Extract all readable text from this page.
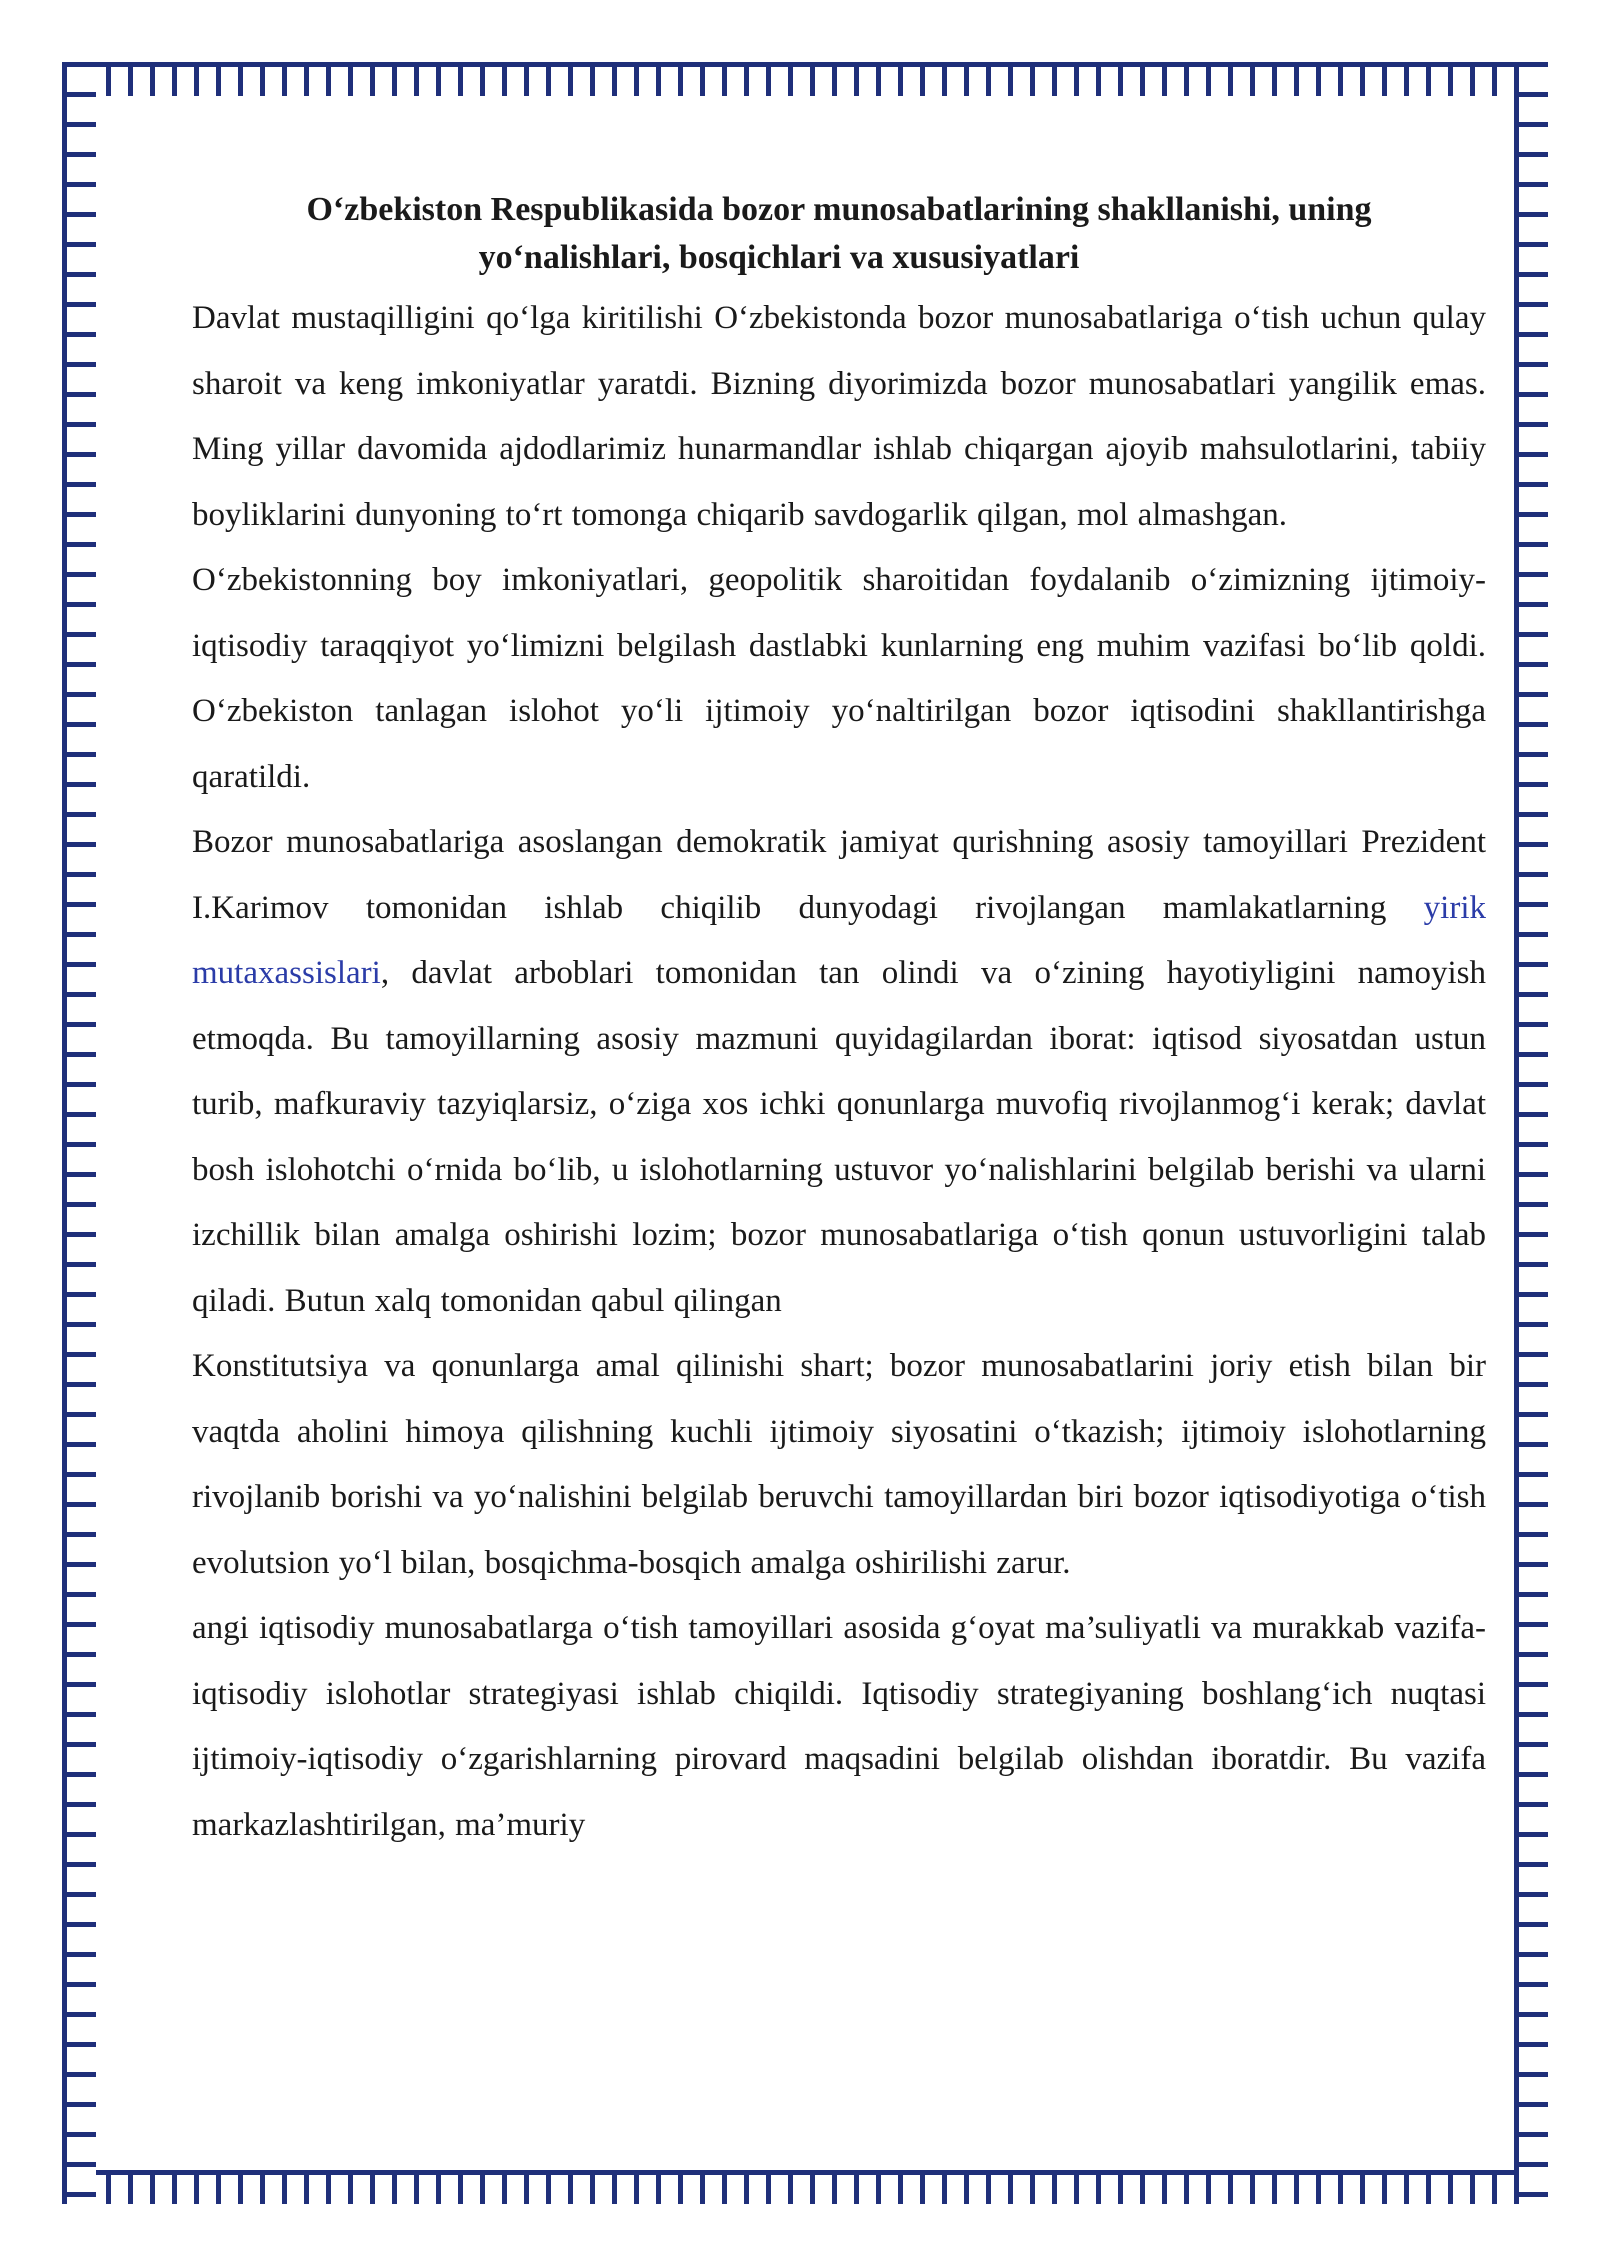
O‘zbekiston Respublikasida bozor munosabatlarining shakllanishi, uning
yo‘nalishlari, bosqichlari va xususiyatlari

Davlat mustaqilligini qo‘lga kiritilishi O‘zbekistonda bozor munosabatlariga o‘tish uchun qulay sharoit va keng imkoniyatlar yaratdi. Bizning diyorimizda bozor munosabatlari yangilik emas. Ming yillar davomida ajdodlarimiz hunarmandlar ishlab chiqargan ajoyib mahsulotlarini, tabiiy boyliklarini dunyoning to‘rt tomonga chiqarib savdogarlik qilgan, mol almashgan.

O‘zbekistonning boy imkoniyatlari, geopolitik sharoitidan foydalanib o‘zimizning ijtimoiy-iqtisodiy taraqqiyot yo‘limizni belgilash dastlabki kunlarning eng muhim vazifasi bo‘lib qoldi. O‘zbekiston tanlagan islohot yo‘li ijtimoiy yo‘naltirilgan bozor iqtisodini shakllantirishga qaratildi.

Bozor munosabatlariga asoslangan demokratik jamiyat qurishning asosiy tamoyillari Prezident I.Karimov tomonidan ishlab chiqilib dunyodagi rivojlangan mamlakatlarning yirik mutaxassislari, davlat arboblari tomonidan tan olindi va o‘zining hayotiyligini namoyish etmoqda. Bu tamoyillarning asosiy mazmuni quyidagilardan iborat: iqtisod siyosatdan ustun turib, mafkuraviy tazyiqlarsiz, o‘ziga xos ichki qonunlarga muvofiq rivojlanmog‘i kerak; davlat bosh islohotchi o‘rnida bo‘lib, u islohotlarning ustuvor yo‘nalishlarini belgilab berishi va ularni izchillik bilan amalga oshirishi lozim; bozor munosabatlariga o‘tish qonun ustuvorligini talab qiladi. Butun xalq tomonidan qabul qilingan

Konstitutsiya va qonunlarga amal qilinishi shart; bozor munosabatlarini joriy etish bilan bir vaqtda aholini himoya qilishning kuchli ijtimoiy siyosatini o‘tkazish; ijtimoiy islohotlarning rivojlanib borishi va yo‘nalishini belgilab beruvchi tamoyillardan biri bozor iqtisodiyotiga o‘tish evolutsion yo‘l bilan, bosqichma-bosqich amalga oshirilishi zarur.

angi iqtisodiy munosabatlarga o‘tish tamoyillari asosida g‘oyat ma’suliyatli va murakkab vazifa-iqtisodiy islohotlar strategiyasi ishlab chiqildi. Iqtisodiy strategiyaning boshlang‘ich nuqtasi ijtimoiy-iqtisodiy o‘zgarishlarning pirovard maqsadini belgilab olishdan iboratdir. Bu vazifa markazlashtirilgan, ma’muriy
